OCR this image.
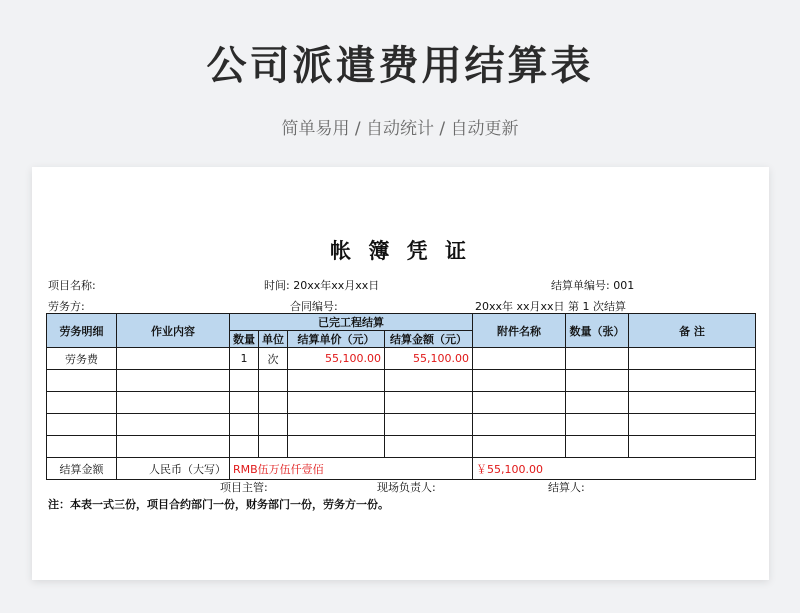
公司派遣费用结算表
简单易用 / 自动统计 / 自动更新
帐 簿 凭 证
项目名称:	时间: 20xx年xx月xx日	结算单编号: 001
劳务方:	合同编号:	20xx年 xx月xx日 第 1 次结算
劳务明细	作业内容	已完工程结算				附件名称	数量（张）	备 注
		数量	单位	结算单价（元）	结算金额（元）			
劳务费		1	次	55,100.00	55,100.00			

结算金额	人民币（大写）	RMB伍万伍仟壹佰				￥55,100.00		
项目主管:	现场负责人:	结算人:
注：本表一式三份，项目合约部门一份，财务部门一份，劳务方一份。
